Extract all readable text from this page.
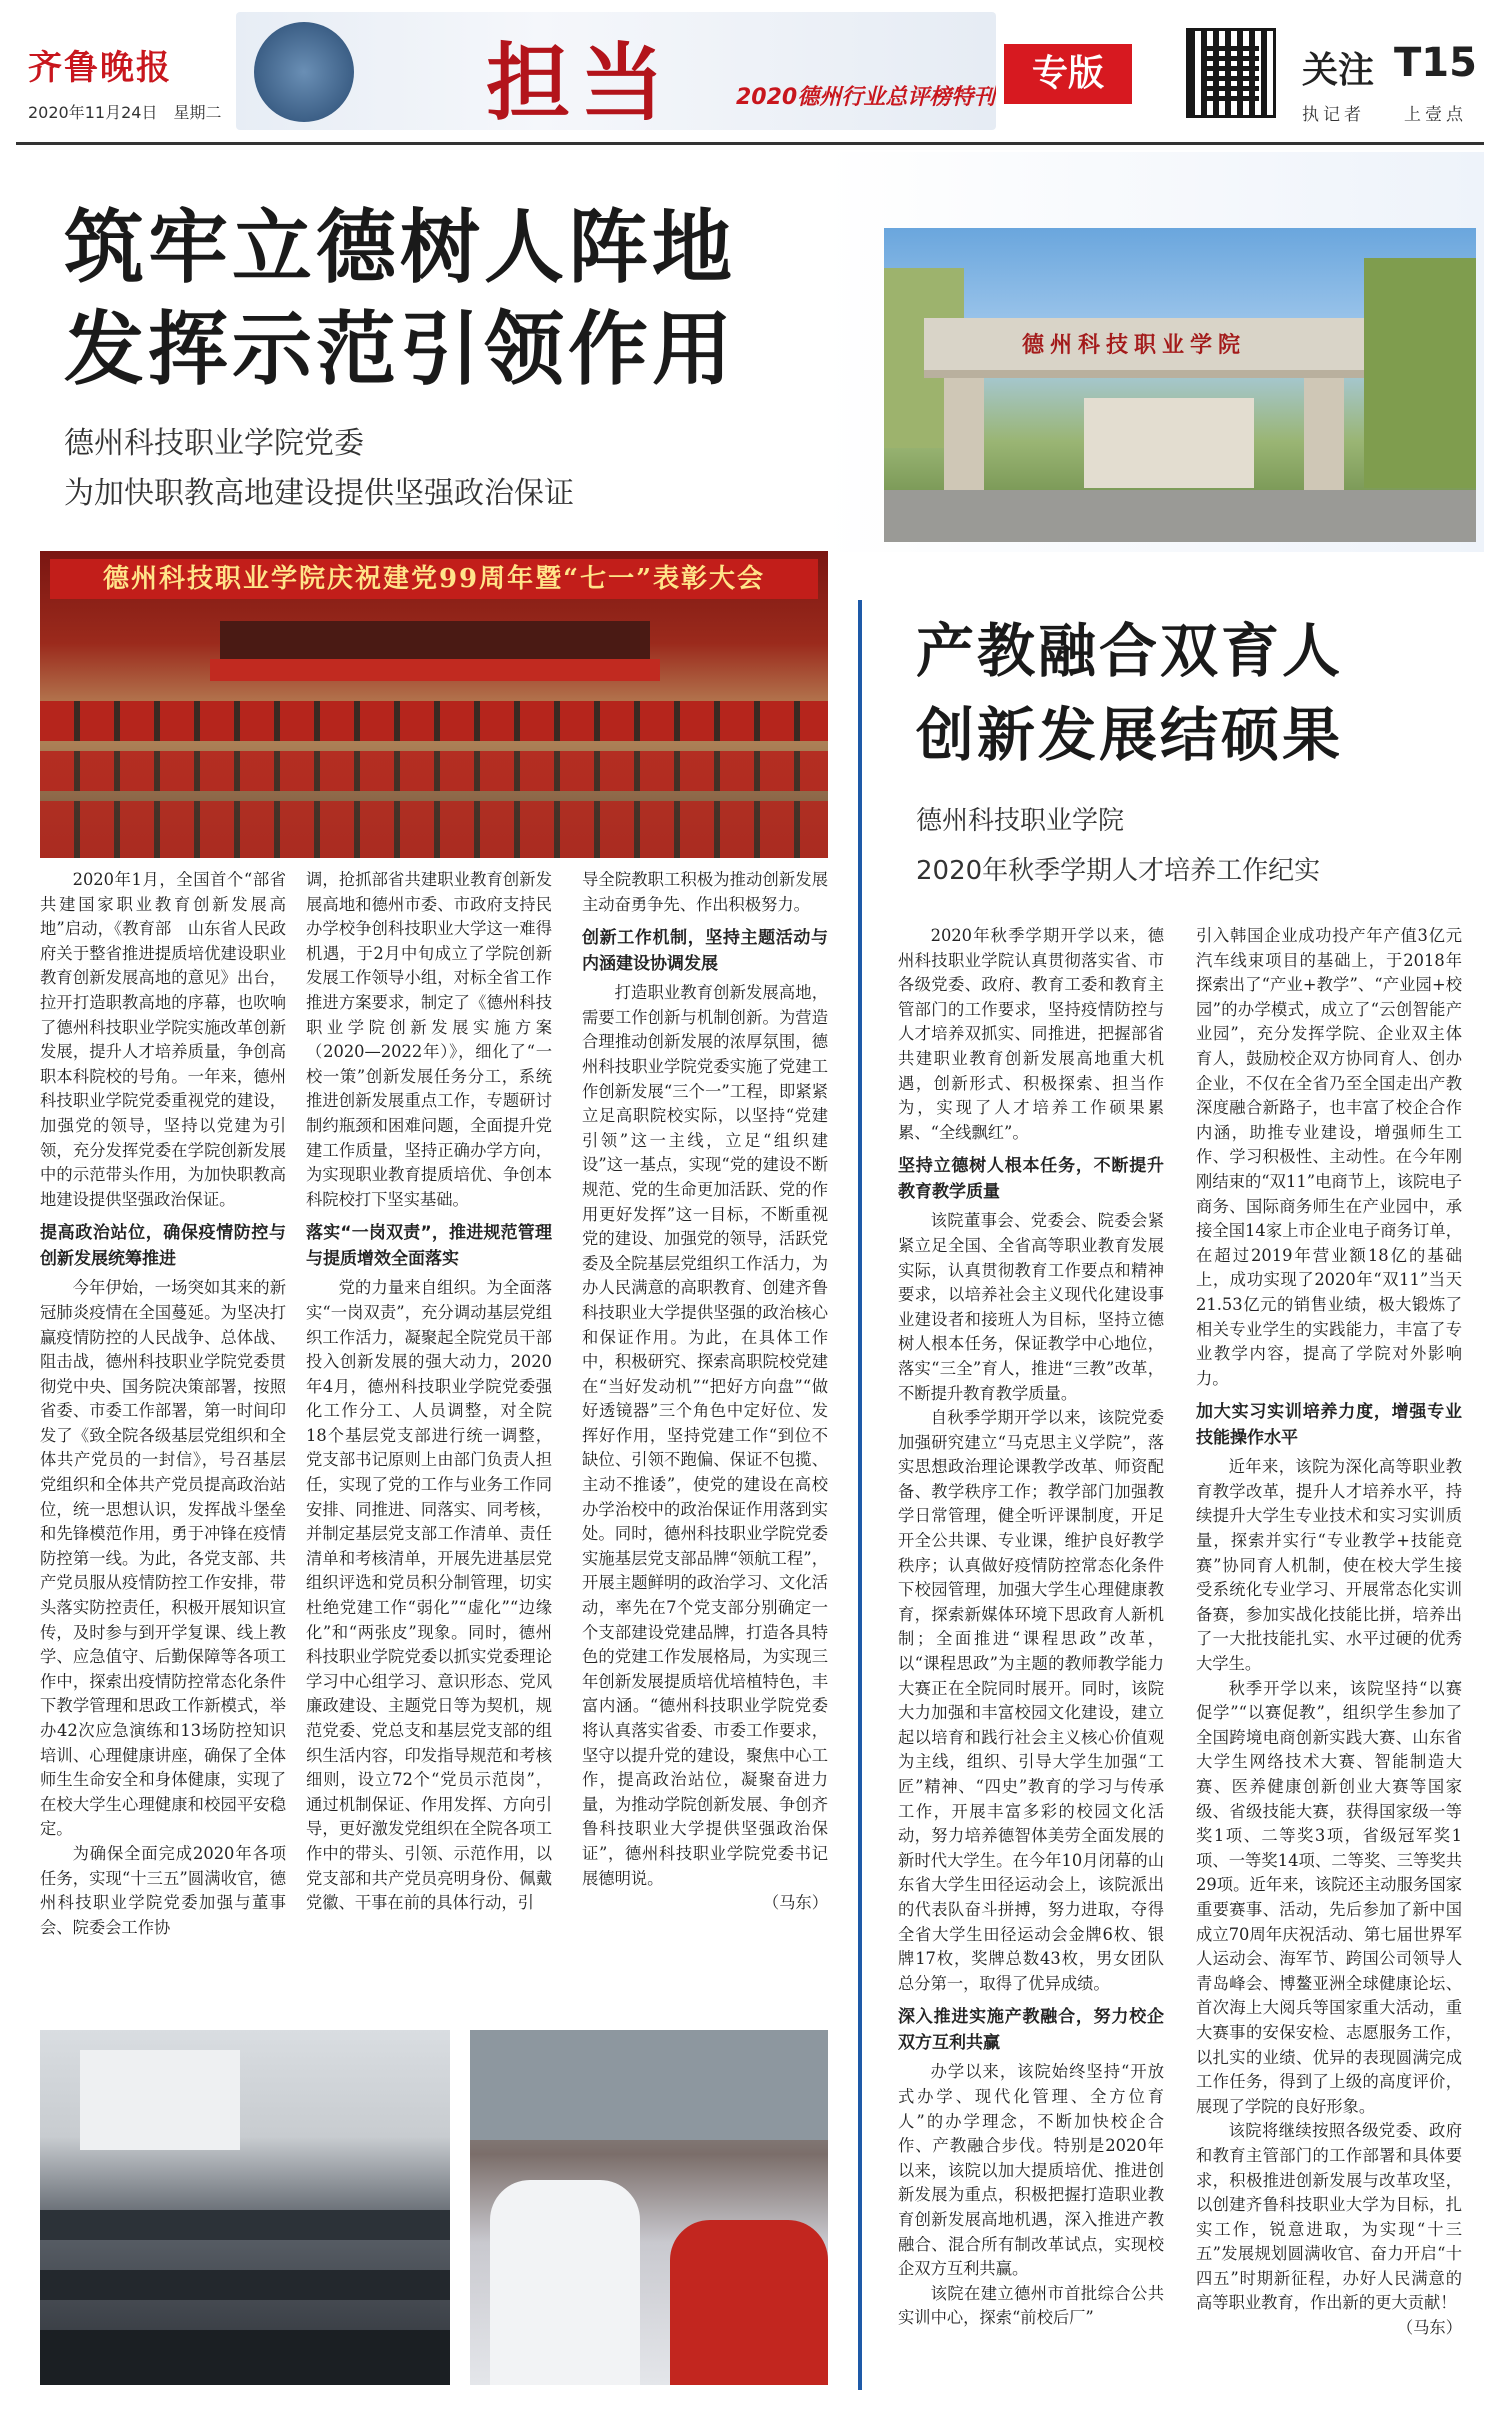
齐鲁晚报
2020年11月24日　星期二	担当	2020德州行业总评榜特刊
专版	关注 T15
执记者 上壹点
筑牢立德树人阵地
发挥示范引领作用
德州科技职业学院党委
为加快职教高地建设提供坚强政治保证
德州科技职业学院
德州科技职业学院庆祝建党99周年暨“七一”表彰大会

2020年1月，全国首个“部省共建国家职业教育创新发展高地”启动，《教育部　山东省人民政府关于整省推进提质培优建设职业教育创新发展高地的意见》出台，拉开打造职教高地的序幕，也吹响了德州科技职业学院实施改革创新发展，提升人才培养质量，争创高职本科院校的号角。一年来，德州科技职业学院党委重视党的建设，加强党的领导，坚持以党建为引领，充分发挥党委在学院创新发展中的示范带头作用，为加快职教高地建设提供坚强政治保证。

提高政治站位，确保疫情防控与创新发展统筹推进

今年伊始，一场突如其来的新冠肺炎疫情在全国蔓延。为坚决打赢疫情防控的人民战争、总体战、阻击战，德州科技职业学院党委贯彻党中央、国务院决策部署，按照省委、市委工作部署，第一时间印发了《致全院各级基层党组织和全体共产党员的一封信》，号召基层党组织和全体共产党员提高政治站位，统一思想认识，发挥战斗堡垒和先锋模范作用，勇于冲锋在疫情防控第一线。为此，各党支部、共产党员服从疫情防控工作安排，带头落实防控责任，积极开展知识宣传，及时参与到开学复课、线上教学、应急值守、后勤保障等各项工作中，探索出疫情防控常态化条件下教学管理和思政工作新模式，举办42次应急演练和13场防控知识培训、心理健康讲座，确保了全体师生生命安全和身体健康，实现了在校大学生心理健康和校园平安稳定。

为确保全面完成2020年各项任务，实现“十三五”圆满收官，德州科技职业学院党委加强与董事会、院委会工作协

调，抢抓部省共建职业教育创新发展高地和德州市委、市政府支持民办学校争创科技职业大学这一难得机遇，于2月中旬成立了学院创新发展工作领导小组，对标全省工作推进方案要求，制定了《德州科技职业学院创新发展实施方案（2020—2022年）》，细化了“一校一策”创新发展任务分工，系统推进创新发展重点工作，专题研讨制约瓶颈和困难问题，全面提升党建工作质量，坚持正确办学方向，为实现职业教育提质培优、争创本科院校打下坚实基础。

落实“一岗双责”，推进规范管理与提质增效全面落实

党的力量来自组织。为全面落实“一岗双责”，充分调动基层党组织工作活力，凝聚起全院党员干部投入创新发展的强大动力，2020年4月，德州科技职业学院党委强化工作分工、人员调整，对全院18个基层党支部进行统一调整，党支部书记原则上由部门负责人担任，实现了党的工作与业务工作同安排、同推进、同落实、同考核，并制定基层党支部工作清单、责任清单和考核清单，开展先进基层党组织评选和党员积分制管理，切实杜绝党建工作“弱化”“虚化”“边缘化”和“两张皮”现象。同时，德州科技职业学院党委以抓实党委理论学习中心组学习、意识形态、党风廉政建设、主题党日等为契机，规范党委、党总支和基层党支部的组织生活内容，印发指导规范和考核细则，设立72个“党员示范岗”，通过机制保证、作用发挥、方向引导，更好激发党组织在全院各项工作中的带头、引领、示范作用，以党支部和共产党员亮明身份、佩戴党徽、干事在前的具体行动，引

导全院教职工积极为推动创新发展主动奋勇争先、作出积极努力。

创新工作机制，坚持主题活动与内涵建设协调发展

打造职业教育创新发展高地，需要工作创新与机制创新。为营造合理推动创新发展的浓厚氛围，德州科技职业学院党委实施了党建工作创新发展“三个一”工程，即紧紧立足高职院校实际，以坚持“党建引领”这一主线，立足“组织建设”这一基点，实现“党的建设不断规范、党的生命更加活跃、党的作用更好发挥”这一目标，不断重视党的建设、加强党的领导，活跃党委及全院基层党组织工作活力，为办人民满意的高职教育、创建齐鲁科技职业大学提供坚强的政治核心和保证作用。为此，在具体工作中，积极研究、探索高职院校党建在“当好发动机”“把好方向盘”“做好透镜器”三个角色中定好位、发挥好作用，坚持党建工作“到位不缺位、引领不跑偏、保证不包揽、主动不推诿”，使党的建设在高校办学治校中的政治保证作用落到实处。同时，德州科技职业学院党委实施基层党支部品牌“领航工程”，开展主题鲜明的政治学习、文化活动，率先在7个党支部分别确定一个支部建设党建品牌，打造各具特色的党建工作发展格局，为实现三年创新发展提质培优培植特色，丰富内涵。“德州科技职业学院党委将认真落实省委、市委工作要求，坚守以提升党的建设，聚焦中心工作，提高政治站位，凝聚奋进力量，为推动学院创新发展、争创齐鲁科技职业大学提供坚强政治保证”，德州科技职业学院党委书记展德明说。

（马东）

产教融合双育人
创新发展结硕果
德州科技职业学院
2020年秋季学期人才培养工作纪实

2020年秋季学期开学以来，德州科技职业学院认真贯彻落实省、市各级党委、政府、教育工委和教育主管部门的工作要求，坚持疫情防控与人才培养双抓实、同推进，把握部省共建职业教育创新发展高地重大机遇，创新形式、积极探索、担当作为，实现了人才培养工作硕果累累、“全线飘红”。

坚持立德树人根本任务，不断提升教育教学质量

该院董事会、党委会、院委会紧紧立足全国、全省高等职业教育发展实际，认真贯彻教育工作要点和精神要求，以培养社会主义现代化建设事业建设者和接班人为目标，坚持立德树人根本任务，保证教学中心地位，落实“三全”育人，推进“三教”改革，不断提升教育教学质量。

自秋季学期开学以来，该院党委加强研究建立“马克思主义学院”，落实思想政治理论课教学改革、师资配备、教学秩序工作；教学部门加强教学日常管理，健全听评课制度，开足开全公共课、专业课，维护良好教学秩序；认真做好疫情防控常态化条件下校园管理，加强大学生心理健康教育，探索新媒体环境下思政育人新机制；全面推进“课程思政”改革，以“课程思政”为主题的教师教学能力大赛正在全院同时展开。同时，该院大力加强和丰富校园文化建设，建立起以培育和践行社会主义核心价值观为主线，组织、引导大学生加强“工匠”精神、“四史”教育的学习与传承工作，开展丰富多彩的校园文化活动，努力培养德智体美劳全面发展的新时代大学生。在今年10月闭幕的山东省大学生田径运动会上，该院派出的代表队奋斗拼搏，努力进取，夺得全省大学生田径运动会金牌6枚、银牌17枚，奖牌总数43枚，男女团队总分第一，取得了优异成绩。

深入推进实施产教融合，努力校企双方互利共赢

办学以来，该院始终坚持“开放式办学、现代化管理、全方位育人”的办学理念，不断加快校企合作、产教融合步伐。特别是2020年以来，该院以加大提质培优、推进创新发展为重点，积极把握打造职业教育创新发展高地机遇，深入推进产教融合、混合所有制改革试点，实现校企双方互利共赢。

该院在建立德州市首批综合公共实训中心，探索“前校后厂”

引入韩国企业成功投产年产值3亿元汽车线束项目的基础上，于2018年探索出了“产业+教学”、“产业园+校园”的办学模式，成立了“云创智能产业园”，充分发挥学院、企业双主体育人，鼓励校企双方协同育人、创办企业，不仅在全省乃至全国走出产教深度融合新路子，也丰富了校企合作内涵，助推专业建设，增强师生工作、学习积极性、主动性。在今年刚刚结束的“双11”电商节上，该院电子商务、国际商务师生在产业园中，承接全国14家上市企业电子商务订单，在超过2019年营业额18亿的基础上，成功实现了2020年“双11”当天21.53亿元的销售业绩，极大锻炼了相关专业学生的实践能力，丰富了专业教学内容，提高了学院对外影响力。

加大实习实训培养力度，增强专业技能操作水平

近年来，该院为深化高等职业教育教学改革，提升人才培养水平，持续提升大学生专业技术和实习实训质量，探索并实行“专业教学+技能竞赛”协同育人机制，使在校大学生接受系统化专业学习、开展常态化实训备赛，参加实战化技能比拼，培养出了一大批技能扎实、水平过硬的优秀大学生。

秋季开学以来，该院坚持“以赛促学”“以赛促教”，组织学生参加了全国跨境电商创新实践大赛、山东省大学生网络技术大赛、智能制造大赛、医养健康创新创业大赛等国家级、省级技能大赛，获得国家级一等奖1项、二等奖3项，省级冠军奖1项、一等奖14项、二等奖、三等奖共29项。近年来，该院还主动服务国家重要赛事、活动，先后参加了新中国成立70周年庆祝活动、第七届世界军人运动会、海军节、跨国公司领导人青岛峰会、博鳌亚洲全球健康论坛、首次海上大阅兵等国家重大活动，重大赛事的安保安检、志愿服务工作，以扎实的业绩、优异的表现圆满完成工作任务，得到了上级的高度评价，展现了学院的良好形象。

该院将继续按照各级党委、政府和教育主管部门的工作部署和具体要求，积极推进创新发展与改革攻坚，以创建齐鲁科技职业大学为目标，扎实工作，锐意进取，为实现“十三五”发展规划圆满收官、奋力开启“十四五”时期新征程，办好人民满意的高等职业教育，作出新的更大贡献！

（马东）
